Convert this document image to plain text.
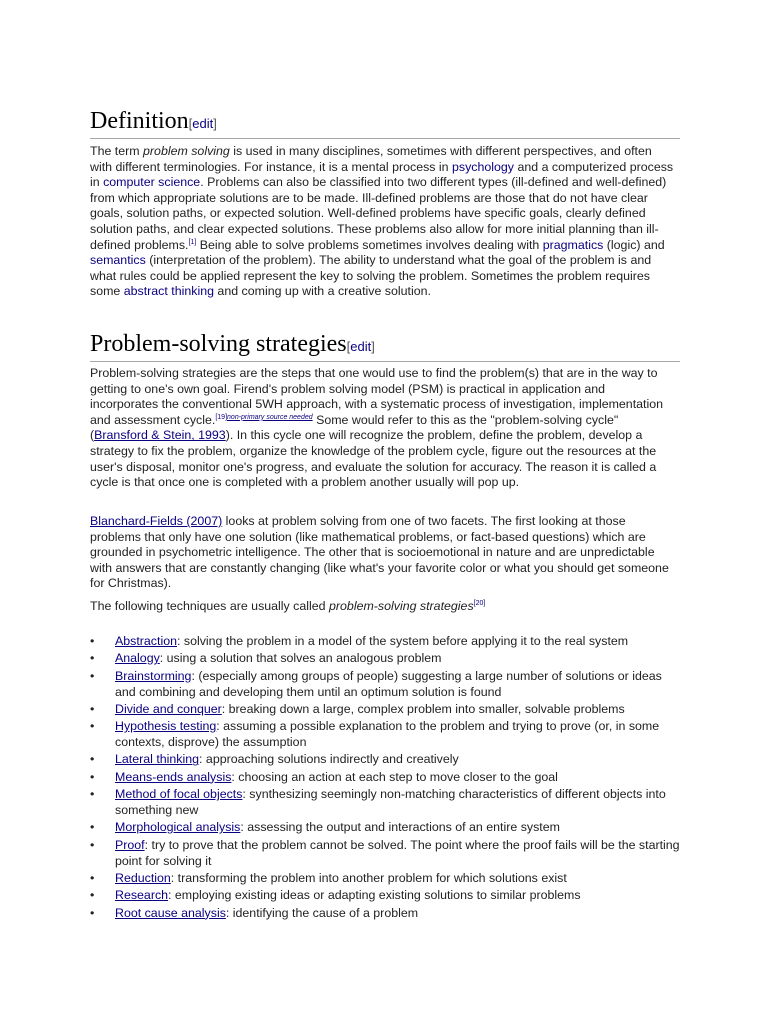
Definition[edit]

The term problem solving is used in many disciplines, sometimes with different perspectives, and often with different terminologies. For instance, it is a mental process in psychology and a computerized process in computer science. Problems can also be classified into two different types (ill-defined and well-defined) from which appropriate solutions are to be made. Ill-defined problems are those that do not have clear goals, solution paths, or expected solution. Well-defined problems have specific goals, clearly defined solution paths, and clear expected solutions. These problems also allow for more initial planning than ill-defined problems.[1] Being able to solve problems sometimes involves dealing with pragmatics (logic) and semantics (interpretation of the problem). The ability to understand what the goal of the problem is and what rules could be applied represent the key to solving the problem. Sometimes the problem requires some abstract thinking and coming up with a creative solution.

Problem-solving strategies[edit]

Problem-solving strategies are the steps that one would use to find the problem(s) that are in the way to getting to one's own goal. Firend's problem solving model (PSM) is practical in application and incorporates the conventional 5WH approach, with a systematic process of investigation, implementation and assessment cycle.$^{[19]non-primary source needed}$ Some would refer to this as the "problem-solving cycle" (Bransford & Stein, 1993). In this cycle one will recognize the problem, define the problem, develop a strategy to fix the problem, organize the knowledge of the problem cycle, figure out the resources at the user's disposal, monitor one's progress, and evaluate the solution for accuracy. The reason it is called a cycle is that once one is completed with a problem another usually will pop up.

Blanchard-Fields (2007) looks at problem solving from one of two facets. The first looking at those problems that only have one solution (like mathematical problems, or fact-based questions) which are grounded in psychometric intelligence. The other that is socioemotional in nature and are unpredictable with answers that are constantly changing (like what's your favorite color or what you should get someone for Christmas).

The following techniques are usually called problem-solving strategies[20]

• Abstraction: solving the problem in a model of the system before applying it to the real system
• Analogy: using a solution that solves an analogous problem
• Brainstorming: (especially among groups of people) suggesting a large number of solutions or ideas and combining and developing them until an optimum solution is found
• Divide and conquer: breaking down a large, complex problem into smaller, solvable problems
• Hypothesis testing: assuming a possible explanation to the problem and trying to prove (or, in some contexts, disprove) the assumption
• Lateral thinking: approaching solutions indirectly and creatively
• Means-ends analysis: choosing an action at each step to move closer to the goal
• Method of focal objects: synthesizing seemingly non-matching characteristics of different objects into something new
• Morphological analysis: assessing the output and interactions of an entire system
• Proof: try to prove that the problem cannot be solved. The point where the proof fails will be the starting point for solving it
• Reduction: transforming the problem into another problem for which solutions exist
• Research: employing existing ideas or adapting existing solutions to similar problems
• Root cause analysis: identifying the cause of a problem
